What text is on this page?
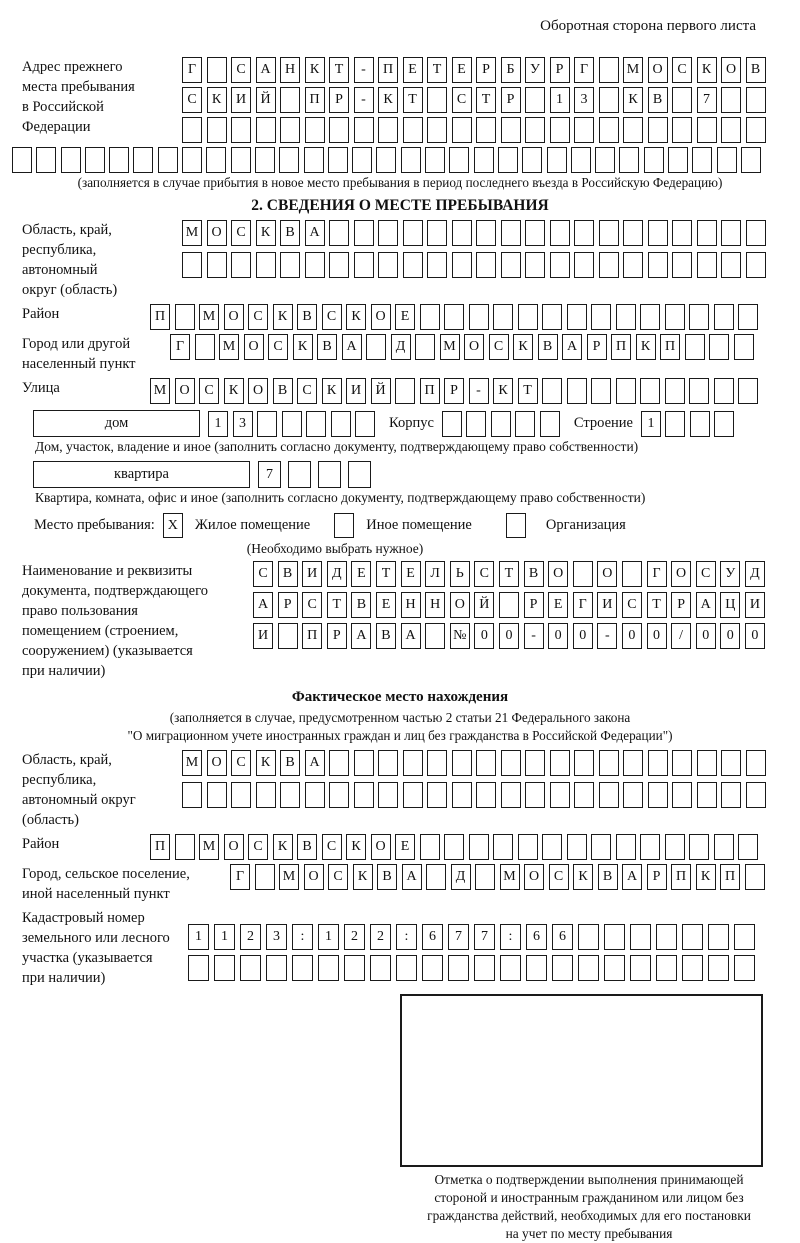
Оборотная сторона первого листа
Адрес прежнего
места пребывания
в Российской
Федерации
Г	С	А	Н	К	Т	-	П	Е	Т	Е	Р	Б	У	Р	Г	М О	С	К	О	В
С	К	И	Й	П	Р	-	К	Т	С	Т	Р	1	3	К	В	7
(заполняется в случае прибытия в новое место пребывания в период последнего въезда в Российскую Федерацию)
2. СВЕДЕНИЯ О МЕСТЕ ПРЕБЫВАНИЯ
Область, край,
республика,
автономный
округ (область)
М О	С	К	В	А
Район	П	М О	С	К	В	С	К	О	Е
Город или другой
населенный пункт
Г	М О	С	К	В	А	Д	М О	С	К	В	А	Р	П	К	П
Улица	М О	С	К	О	В	С	К	И	Й	П	Р	-	К	Т
дом	1	3	Корпус	Строение	1
Дом, участок, владение и иное (заполнить согласно документу, подтверждающему право собственности)
квартира	7
Квартира, комната, офис и иное (заполнить согласно документу, подтверждающему право собственности)
Место пребывания: X	Жилое помещение	Иное помещение	Организация
(Необходимо выбрать нужное)
Наименование и реквизиты
документа, подтверждающего
право пользования
помещением (строением,
сооружением) (указывается
при наличии)
С	В	И	Д	Е	Т	Е	Л	Ь	С	Т	В	О	О	Г	О	С	У	Д
А	Р	С	Т	В	Е	Н	Н	О	Й	Р	Е	Г	И	С	Т	Р	А	Ц	И
И	П	Р	А	В	А	№	0	0	-	0	0	-	0	0	/	0	0	0
Фактическое место нахождения
(заполняется в случае, предусмотренном частью 2 статьи 21 Федерального закона
"О миграционном учете иностранных граждан и лиц без гражданства в Российской Федерации")
Область, край,
республика,
автономный округ
(область)
М О	С	К	В	А
Район	П	М О	С	К	В	С	К	О	Е
Город, сельское поселение,
иной населенный пункт
Г	М О	С	К	В	А	Д	М О	С	К	В	А	Р	П	К	П
Кадастровый номер
земельного или лесного
участка (указывается
при наличии)
1	1	2	3	:	1	2	2	:	6	7	7	:	6	6
Отметка о подтверждении выполнения принимающей
стороной и иностранным гражданином или лицом без
гражданства действий, необходимых для его постановки
на учет по месту пребывания
